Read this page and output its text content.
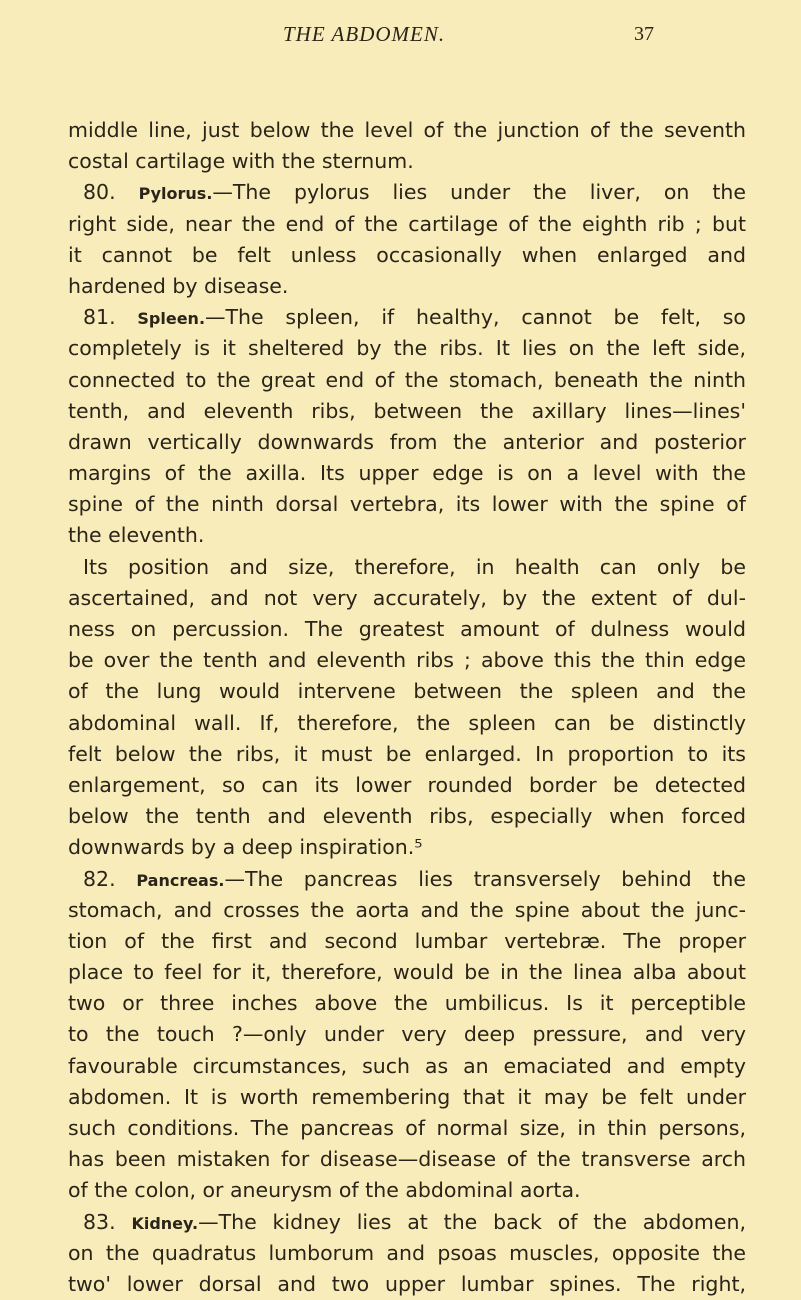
THE ABDOMEN.	37
middle line, just below the level of the junction of the seventh
costal cartilage with the sternum.
80. Pylorus.—The pylorus lies under the liver, on the
right side, near the end of the cartilage of the eighth rib ; but
it cannot be felt unless occasionally when enlarged and
hardened by disease.
81. Spleen.—The spleen, if healthy, cannot be felt, so
completely is it sheltered by the ribs. It lies on the left side,
connected to the great end of the stomach, beneath the ninth
tenth, and eleventh ribs, between the axillary lines—lines'
drawn vertically downwards from the anterior and posterior
margins of the axilla. Its upper edge is on a level with the
spine of the ninth dorsal vertebra, its lower with the spine of
the eleventh.
Its position and size, therefore, in health can only be
ascertained, and not very accurately, by the extent of dul-
ness on percussion. The greatest amount of dulness would
be over the tenth and eleventh ribs ; above this the thin edge
of the lung would intervene between the spleen and the
abdominal wall. If, therefore, the spleen can be distinctly
felt below the ribs, it must be enlarged. In proportion to its
enlargement, so can its lower rounded border be detected
below the tenth and eleventh ribs, especially when forced
downwards by a deep inspiration.⁵
82. Pancreas.—The pancreas lies transversely behind the
stomach, and crosses the aorta and the spine about the junc-
tion of the first and second lumbar vertebræ. The proper
place to feel for it, therefore, would be in the linea alba about
two or three inches above the umbilicus. Is it perceptible
to the touch ?—only under very deep pressure, and very
favourable circumstances, such as an emaciated and empty
abdomen. It is worth remembering that it may be felt under
such conditions. The pancreas of normal size, in thin persons,
has been mistaken for disease—disease of the transverse arch
of the colon, or aneurysm of the abdominal aorta.
83. Kidney.—The kidney lies at the back of the abdomen,
on the quadratus lumborum and psoas muscles, opposite the
two' lower dorsal and two upper lumbar spines. The right,
